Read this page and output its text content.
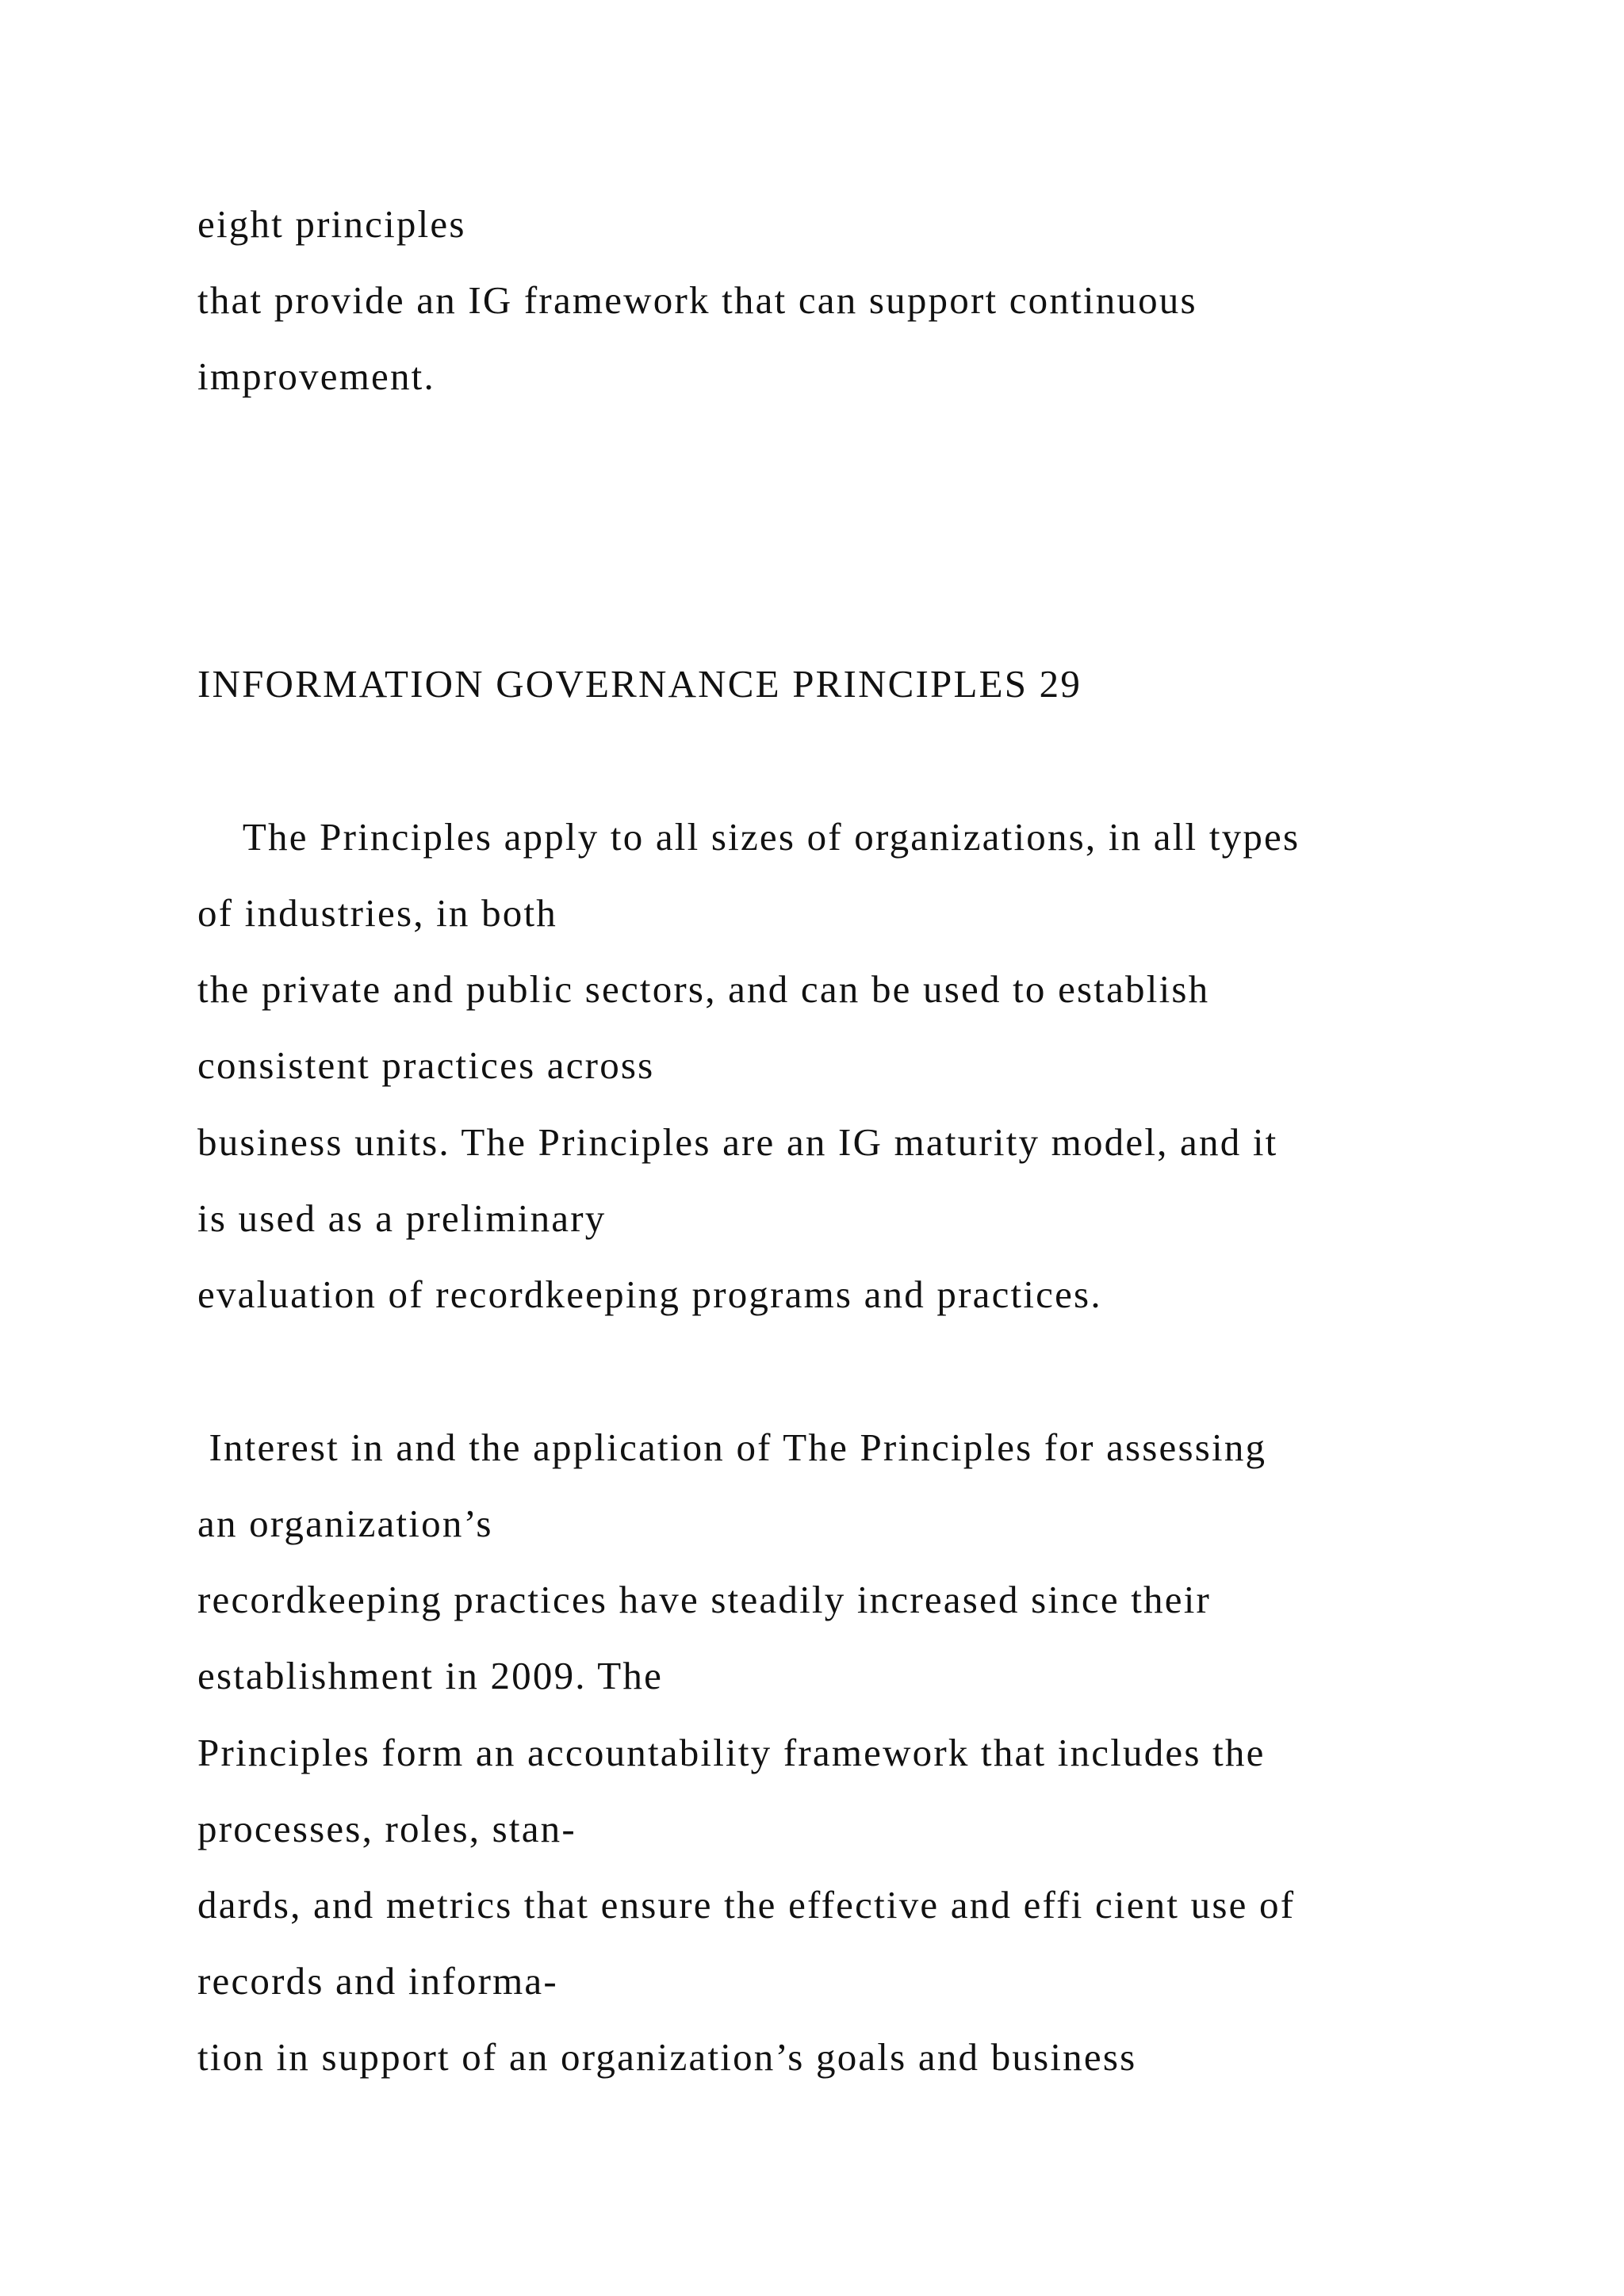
eight principles

that provide an IG framework that can support continuous

improvement.

INFORMATION GOVERNANCE PRINCIPLES 29

The Principles apply to all sizes of organizations, in all types

of industries, in both

the private and public sectors, and can be used to establish

consistent practices across

business units. The Principles are an IG maturity model, and it

is used as a preliminary

evaluation of recordkeeping programs and practices.

Interest in and the application of The Principles for assessing

an organization’s

recordkeeping practices have steadily increased since their

establishment in 2009. The

Principles form an accountability framework that includes the

processes, roles, stan-

dards, and metrics that ensure the effective and effi cient use of

records and informa-

tion in support of an organization’s goals and business
